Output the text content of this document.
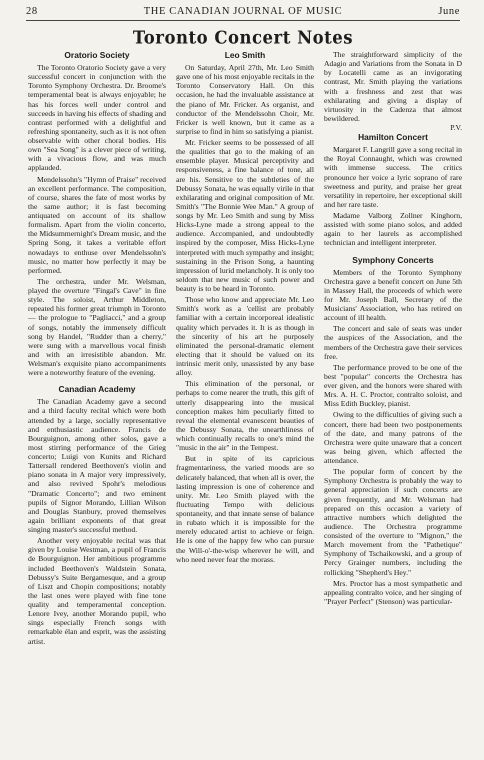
28	THE CANADIAN JOURNAL OF MUSIC	June
Toronto Concert Notes
Oratorio Society

The Toronto Oratorio Society gave a very successful concert in conjunction with the Toronto Symphony Orchestra. Dr. Broome's temperamental beat is always enjoyable; he has his forces well under control and succeeds in having his effects of shading and contrast performed with a delightful and refreshing spontaneity, such as it is not often observable with other choral bodies. His own "Sea Song" is a clever piece of writing, with a vivacious flow, and was much applauded.

Mendelssohn's "Hymn of Praise" received an excellent performance. The composition, of course, shares the fate of most works by the same author; it is fast becoming antiquated on account of its shallow formalism. Apart from the violin concerto, the Midsummernight's Dream music, and the Spring Song, it takes a veritable effort nowadays to enthuse over Mendelssohn's music, no matter how perfectly it may be performed.

The orchestra, under Mr. Welsman, played the overture "Fingal's Cave" in fine style. The soloist, Arthur Middleton, repeated his former great triumph in Toronto — the prologue to "Pagliacci," and a group of songs, notably the immensely difficult song by Handel, "Rudder than a cherry," were sung with a marvellous vocal finish and with an irresistible abandon. Mr. Welsman's exquisite piano accompaniments were a noteworthy feature of the evening.

Canadian Academy

The Canadian Academy gave a second and a third faculty recital which were both attended by a large, socially representative and enthusiastic audience. Francis de Bourguignon, among other solos, gave a most stirring performance of the Grieg concerto; Luigi von Kunits and Richard Tattersall rendered Beethoven's violin and piano sonata in A major very impressively, and also revived Spohr's melodious "Dramatic Concerto"; and two eminent pupils of Signor Morando, Lillian Wilson and Douglas Stanbury, proved themselves again brilliant exponents of that great singing master's successful method.

Another very enjoyable recital was that given by Louise Westman, a pupil of Francis de Bourguignon. Her ambitious programme included Beethoven's Waldstein Sonata, Debussy's Suite Bergamesque, and a group of Liszt and Chopin compositions; notably the last ones were played with fine tone quality and temperamental conception. Lenore Ivey, another Morando pupil, who sings especially French songs with remarkable élan and esprit, was the assisting artist.

Leo Smith

On Saturday, April 27th, Mr. Leo Smith gave one of his most enjoyable recitals in the Toronto Conservatory Hall. On this occasion, he had the invaluable assistance at the piano of Mr. Fricker. As organist, and conductor of the Mendelssohn Choir, Mr. Fricker is well known, but it came as a surprise to find in him so satisfying a pianist.

Mr. Fricker seems to be possessed of all the qualities that go to the making of an ensemble player. Musical perceptivity and responsiveness, a fine balance of tone, all are his. Sensitive to the subtleties of the Debussy Sonata, he was equally virile in that exhilarating and original composition of Mr. Smith's "The Bonnie Wee Man." A group of songs by Mr. Leo Smith and sung by Miss Hicks-Lyne made a strong appeal to the audience. Accompanied, and undoubtedly inspired by the composer, Miss Hicks-Lyne interpreted with much sympathy and insight; sustaining in the Prison Song, a haunting impression of lurid melancholy. It is only too seldom that new music of such power and beauty is to be heard in Toronto.

Those who know and appreciate Mr. Leo Smith's work as a 'cellist are probably familiar with a certain incorporeal idealistic quality which pervades it. It is as though in the sincerity of his art he purposely eliminated the personal-dramatic element electing that it should be valued on its intrinsic merit only, unassisted by any base alloy.

This elimination of the personal, or perhaps to come nearer the truth, this gift of utterly disappearing into the musical conception makes him peculiarly fitted to reveal the elemental evanescent beauties of the Debussy Sonata, the unearthliness of which continually recalls to one's mind the "music in the air" in the Tempest.

But in spite of its capricious fragmentariness, the varied moods are so delicately balanced, that when all is over, the lasting impression is one of coherence and unity. Mr. Leo Smith played with the fluctuating Tempo with delicious spontaneity, and that innate sense of balance in rubato which it is impossible for the merely educated artist to achieve or feign. He is one of the happy few who can pursue the Will-o'-the-wisp wherever he will, and who need never fear the morass.

The straightforward simplicity of the Adagio and Variations from the Sonata in D by Locatelli came as an invigorating contrast, Mr. Smith playing the variations with a freshness and zest that was exhilarating and giving a display of virtuosity in the Cadenza that almost bewildered.

P.V.
Hamilton Concert

Margaret F. Langrill gave a song recital in the Royal Connaught, which was crowned with immense success. The critics pronounce her voice a lyric soprano of rare sweetness and purity, and praise her great versatility in repertoire, her exceptional skill and her rare taste.

Madame Valborg Zollner Kinghorn, assisted with some piano solos, and added again to her laurels as accomplished technician and intelligent interpreter.

Symphony Concerts

Members of the Toronto Symphony Orchestra gave a benefit concert on June 5th in Massey Hall, the proceeds of which were for Mr. Joseph Ball, Secretary of the Musicians' Association, who has retired on account of ill health.

The concert and sale of seats was under the auspices of the Association, and the members of the Orchestra gave their services free.

The performance proved to be one of the best "popular" concerts the Orchestra has ever given, and the honors were shared with Mrs. A. H. C. Proctor, contralto soloist, and Miss Edith Buckley, pianist.

Owing to the difficulties of giving such a concert, there had been two postponements of the date, and many patrons of the Orchestra were quite unaware that a concert was being given, which affected the attendance.

The popular form of concert by the Symphony Orchestra is probably the way to general appreciation if such concerts are given frequently, and Mr. Welsman had prepared on this occasion a variety of attractive numbers which delighted the audience. The Orchestra programme consisted of the overture to "Mignon," the March movement from the "Pathetique" Symphony of Tschaikowski, and a group of Percy Grainger numbers, including the rollicking "Shepherd's Hey."

Mrs. Proctor has a most sympathetic and appealing contralto voice, and her singing of "Prayer Perfect" (Stenson) was particular-
